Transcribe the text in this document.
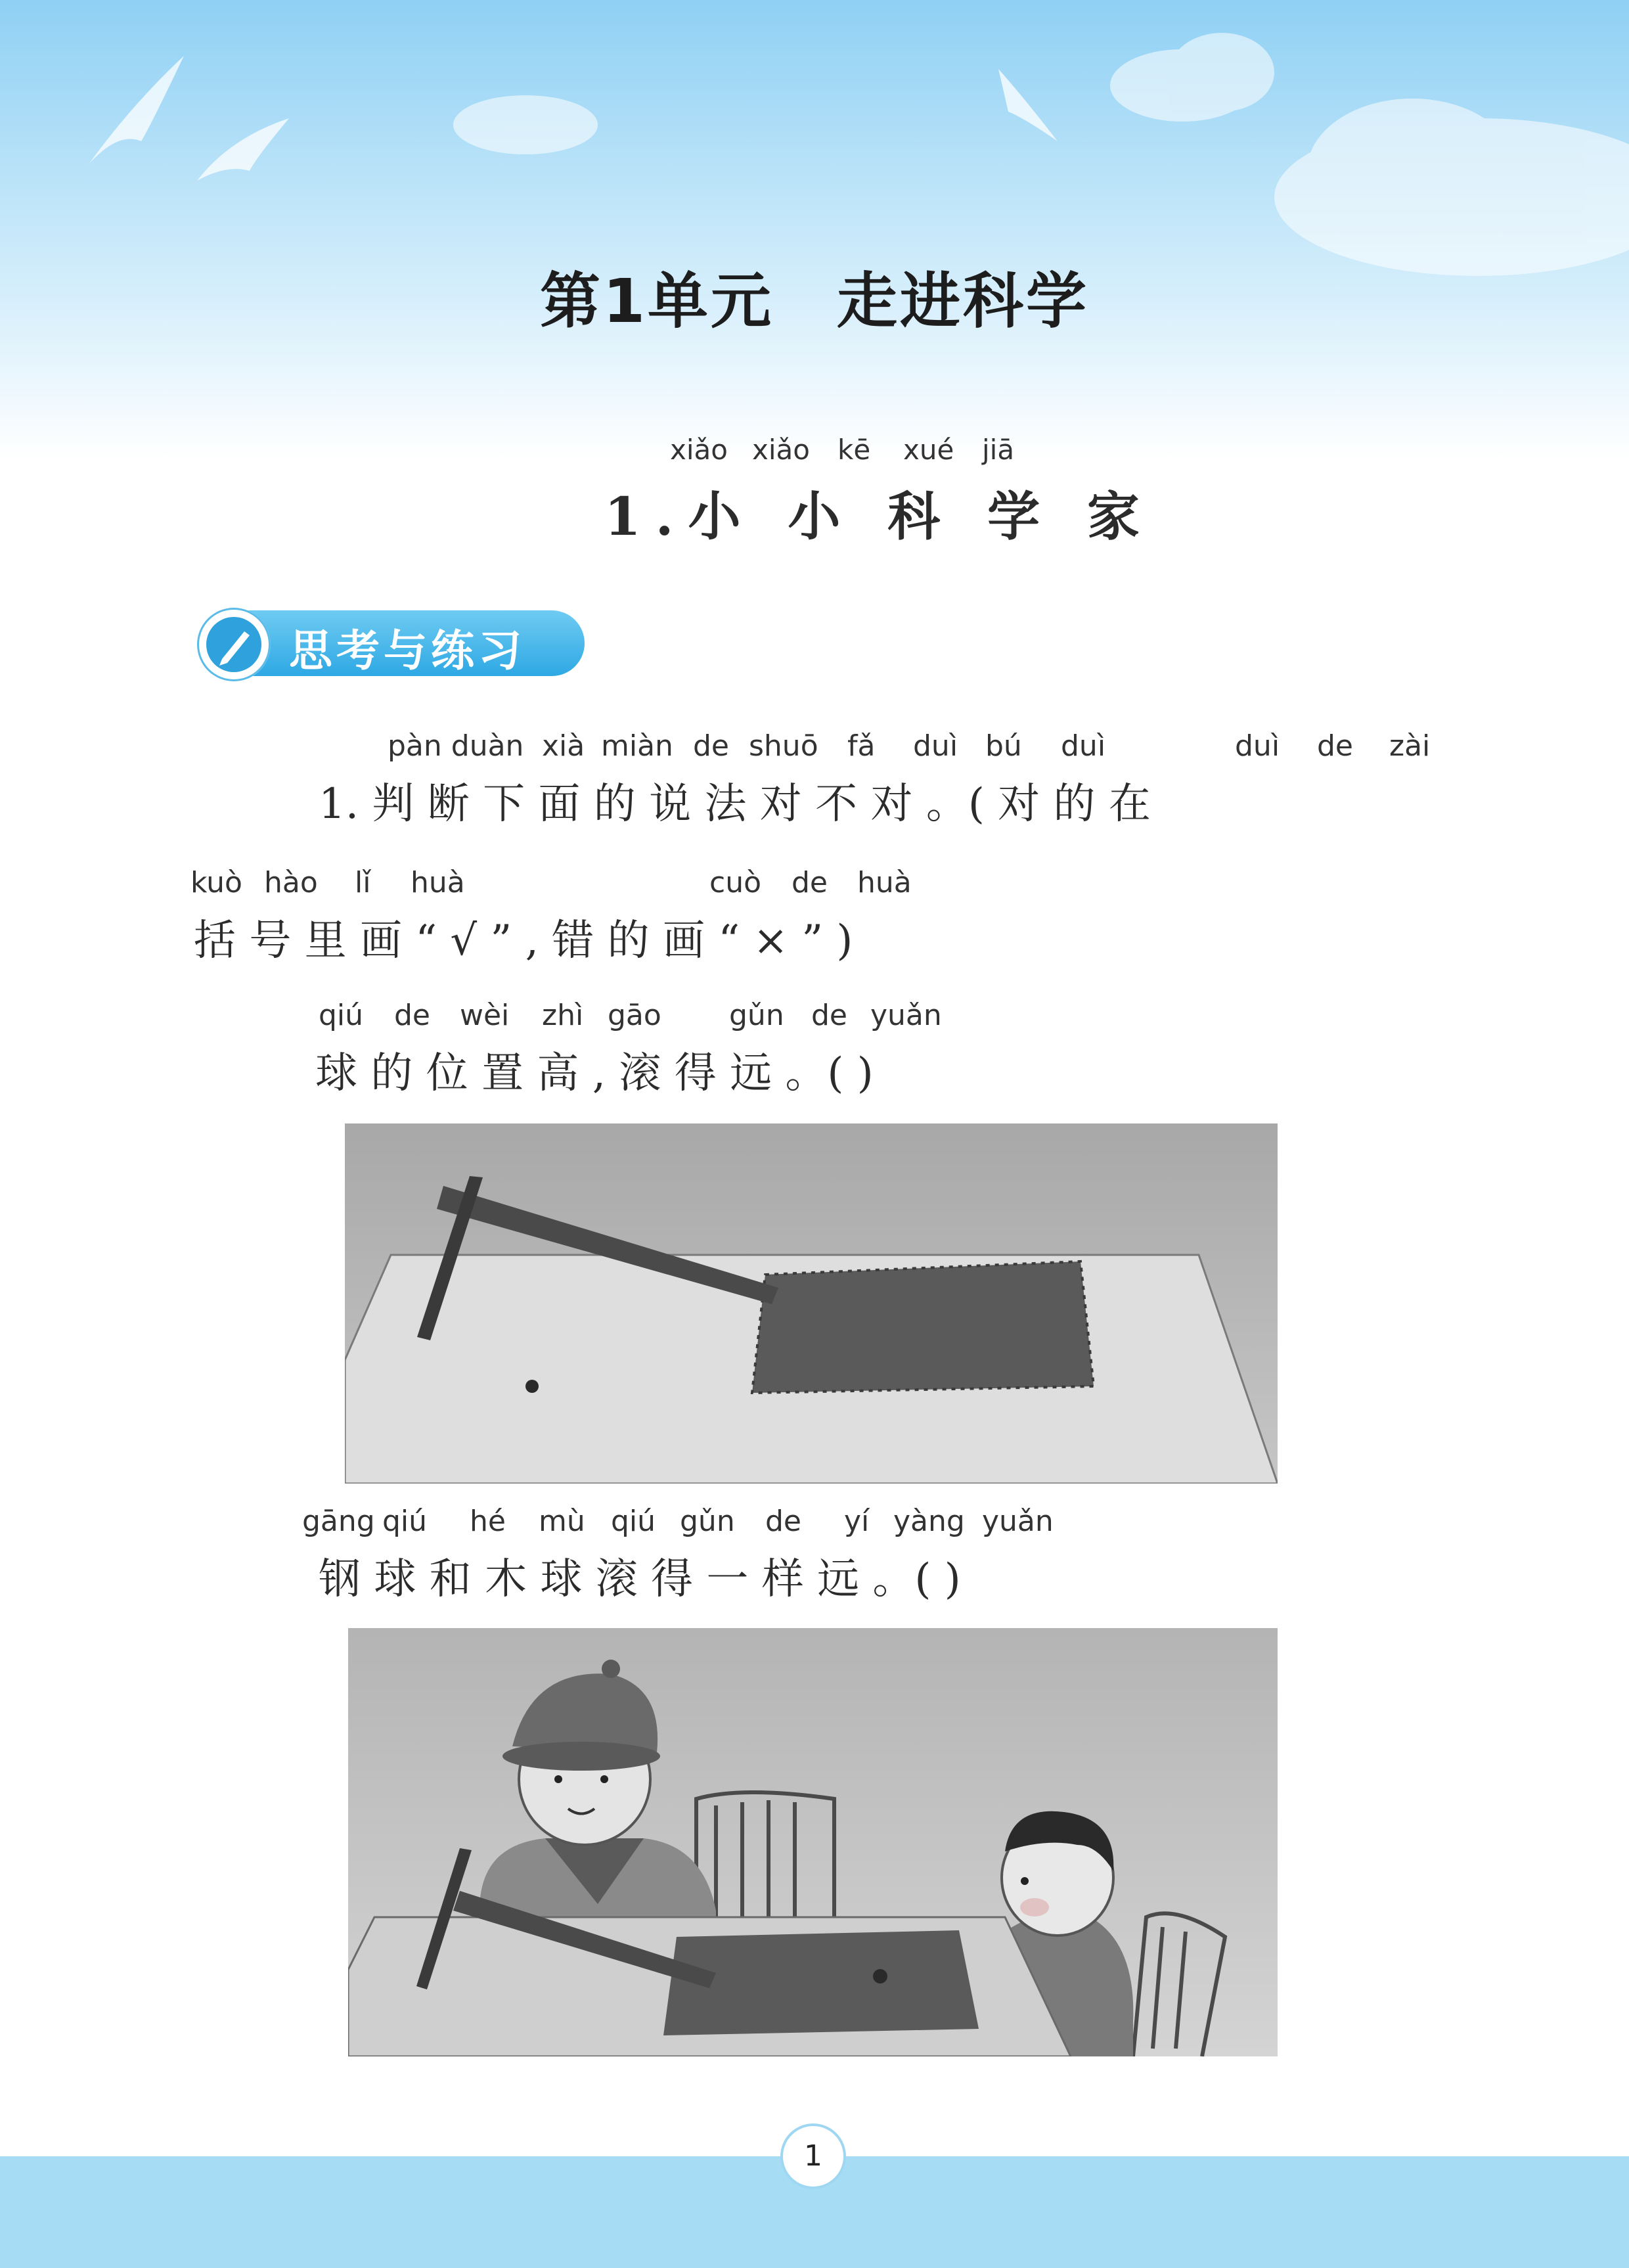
第1单元 走进科学
xiǎo xiǎo kē xué jiā
1.小 小 科 学 家
思考与练习
pàn duàn xià miàn de shuō fǎ duì bú duì	duì de zài
1. 判 断 下 面 的 说 法 对 不 对 。( 对 的 在
kuò hào lǐ huà	cuò de huà
括 号 里 画 “ √ ” , 错 的 画 “ × ” )
qiú de wèi zhì gāo gǔn de yuǎn
球 的 位 置 高 , 滚 得 远 。( )
gāng qiú hé mù qiú gǔn de yí yàng yuǎn
钢 球 和 木 球 滚 得 一 样 远 。( )
1
